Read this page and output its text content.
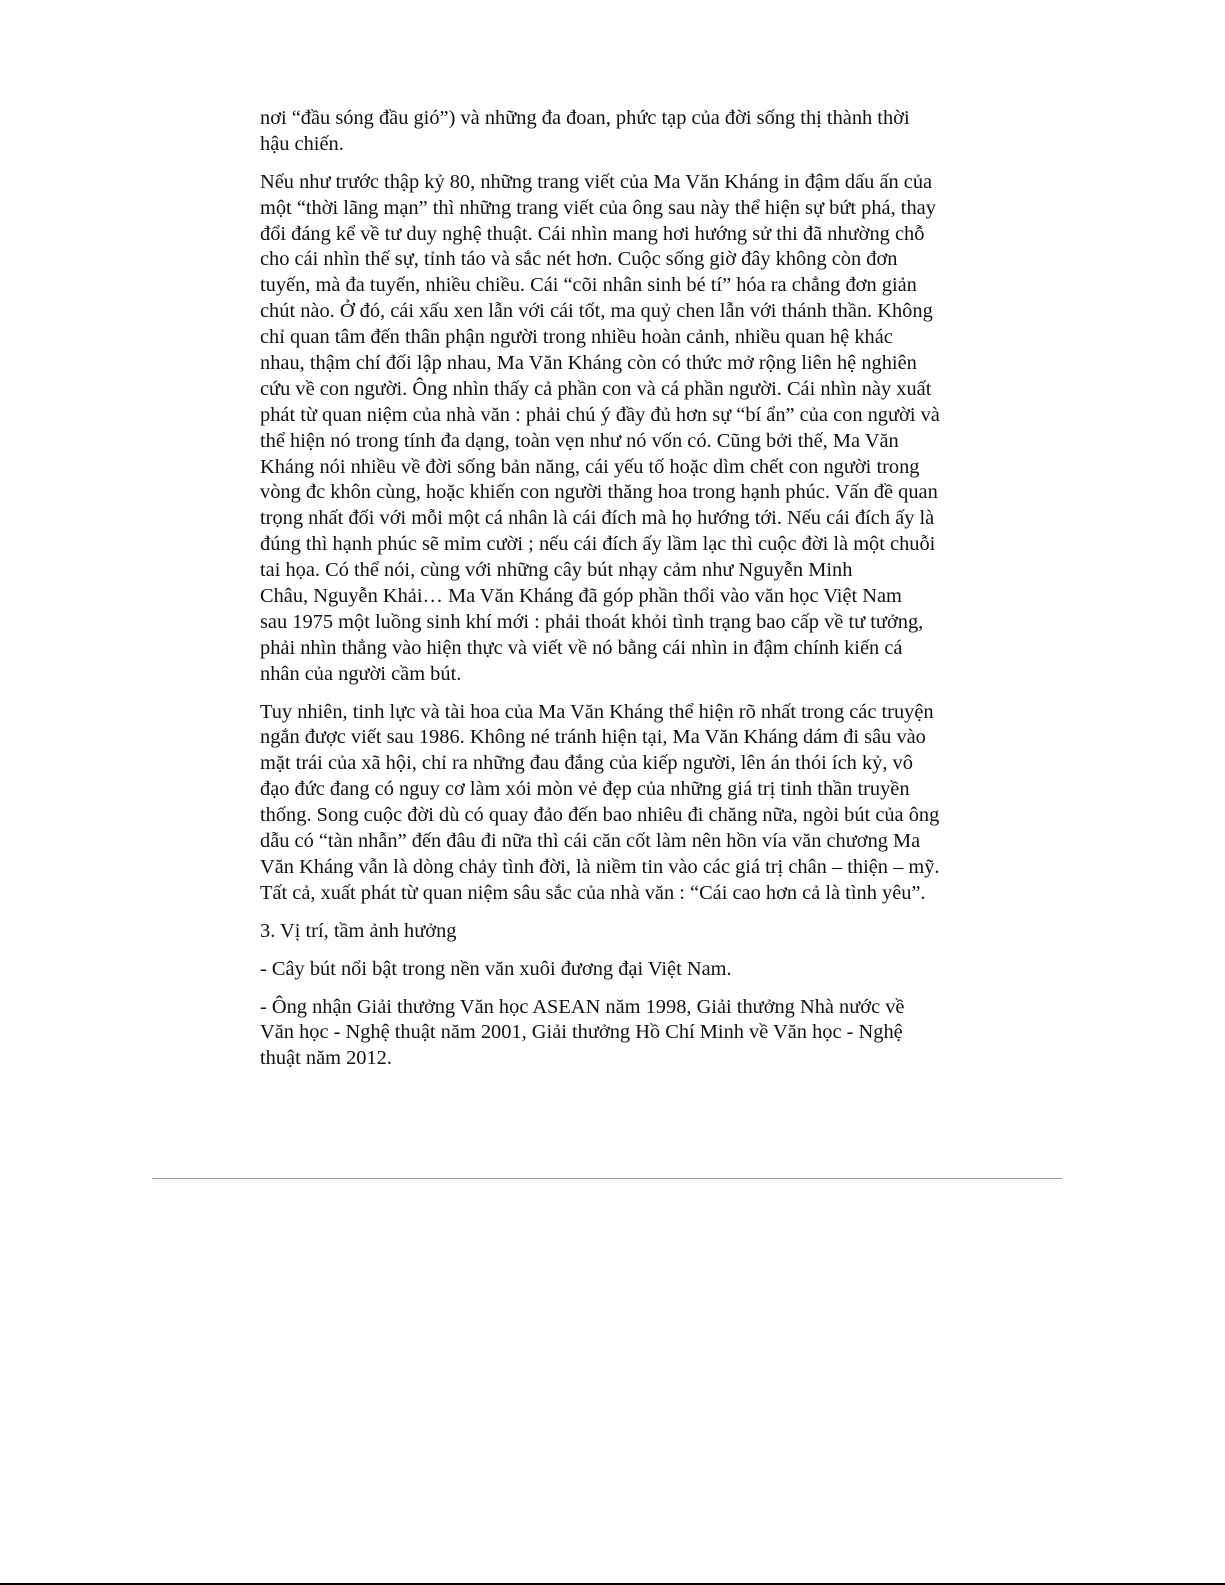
nơi “đầu sóng đầu gió”) và những đa đoan, phức tạp của đời sống thị thành thời
hậu chiến.

Nếu như trước thập kỷ 80, những trang viết của Ma Văn Kháng in đậm dấu ấn của
một “thời lãng mạn” thì những trang viết của ông sau này thể hiện sự bứt phá, thay
đổi đáng kể về tư duy nghệ thuật. Cái nhìn mang hơi hướng sử thi đã nhường chỗ
cho cái nhìn thế sự, tỉnh táo và sắc nét hơn. Cuộc sống giờ đây không còn đơn
tuyến, mà đa tuyến, nhiều chiều. Cái “cõi nhân sinh bé tí” hóa ra chẳng đơn giản
chút nào. Ở đó, cái xấu xen lẫn với cái tốt, ma quỷ chen lẫn với thánh thần. Không
chỉ quan tâm đến thân phận người trong nhiều hoàn cảnh, nhiều quan hệ khác
nhau, thậm chí đối lập nhau, Ma Văn Kháng còn có thức mở rộng liên hệ nghiên
cứu về con người. Ông nhìn thấy cả phần con và cá phần người. Cái nhìn này xuất
phát từ quan niệm của nhà văn : phải chú ý đầy đủ hơn sự “bí ẩn” của con người và
thể hiện nó trong tính đa dạng, toàn vẹn như nó vốn có. Cũng bởi thế, Ma Văn
Kháng nói nhiều về đời sống bản năng, cái yếu tố hoặc dìm chết con người trong
vòng đc khôn cùng, hoặc khiến con người thăng hoa trong hạnh phúc. Vấn đề quan
trọng nhất đối với mỗi một cá nhân là cái đích mà họ hướng tới. Nếu cái đích ấy là
đúng thì hạnh phúc sẽ mỉm cười ; nếu cái đích ấy lầm lạc thì cuộc đời là một chuỗi
tai họa. Có thể nói, cùng với những cây bút nhạy cảm như Nguyễn Minh
Châu, Nguyễn Khải… Ma Văn Kháng đã góp phần thổi vào văn học Việt Nam
sau 1975 một luồng sinh khí mới : phải thoát khỏi tình trạng bao cấp về tư tưởng,
phải nhìn thẳng vào hiện thực và viết về nó bằng cái nhìn in đậm chính kiến cá
nhân của người cầm bút.

Tuy nhiên, tinh lực và tài hoa của Ma Văn Kháng thể hiện rõ nhất trong các truyện
ngắn được viết sau 1986. Không né tránh hiện tại, Ma Văn Kháng dám đi sâu vào
mặt trái của xã hội, chỉ ra những đau đắng của kiếp người, lên án thói ích kỷ, vô
đạo đức đang có nguy cơ làm xói mòn vẻ đẹp của những giá trị tinh thần truyền
thống. Song cuộc đời dù có quay đảo đến bao nhiêu đi chăng nữa, ngòi bút của ông
dẫu có “tàn nhẫn” đến đâu đi nữa thì cái căn cốt làm nên hồn vía văn chương Ma
Văn Kháng vẫn là dòng chảy tình đời, là niềm tin vào các giá trị chân – thiện – mỹ.
Tất cả, xuất phát từ quan niệm sâu sắc của nhà văn : “Cái cao hơn cả là tình yêu”.

3. Vị trí, tầm ảnh hưởng

- Cây bút nổi bật trong nền văn xuôi đương đại Việt Nam.

- Ông nhận Giải thưởng Văn học ASEAN năm 1998, Giải thưởng Nhà nước về
Văn học - Nghệ thuật năm 2001, Giải thưởng Hồ Chí Minh về Văn học - Nghệ
thuật năm 2012.
